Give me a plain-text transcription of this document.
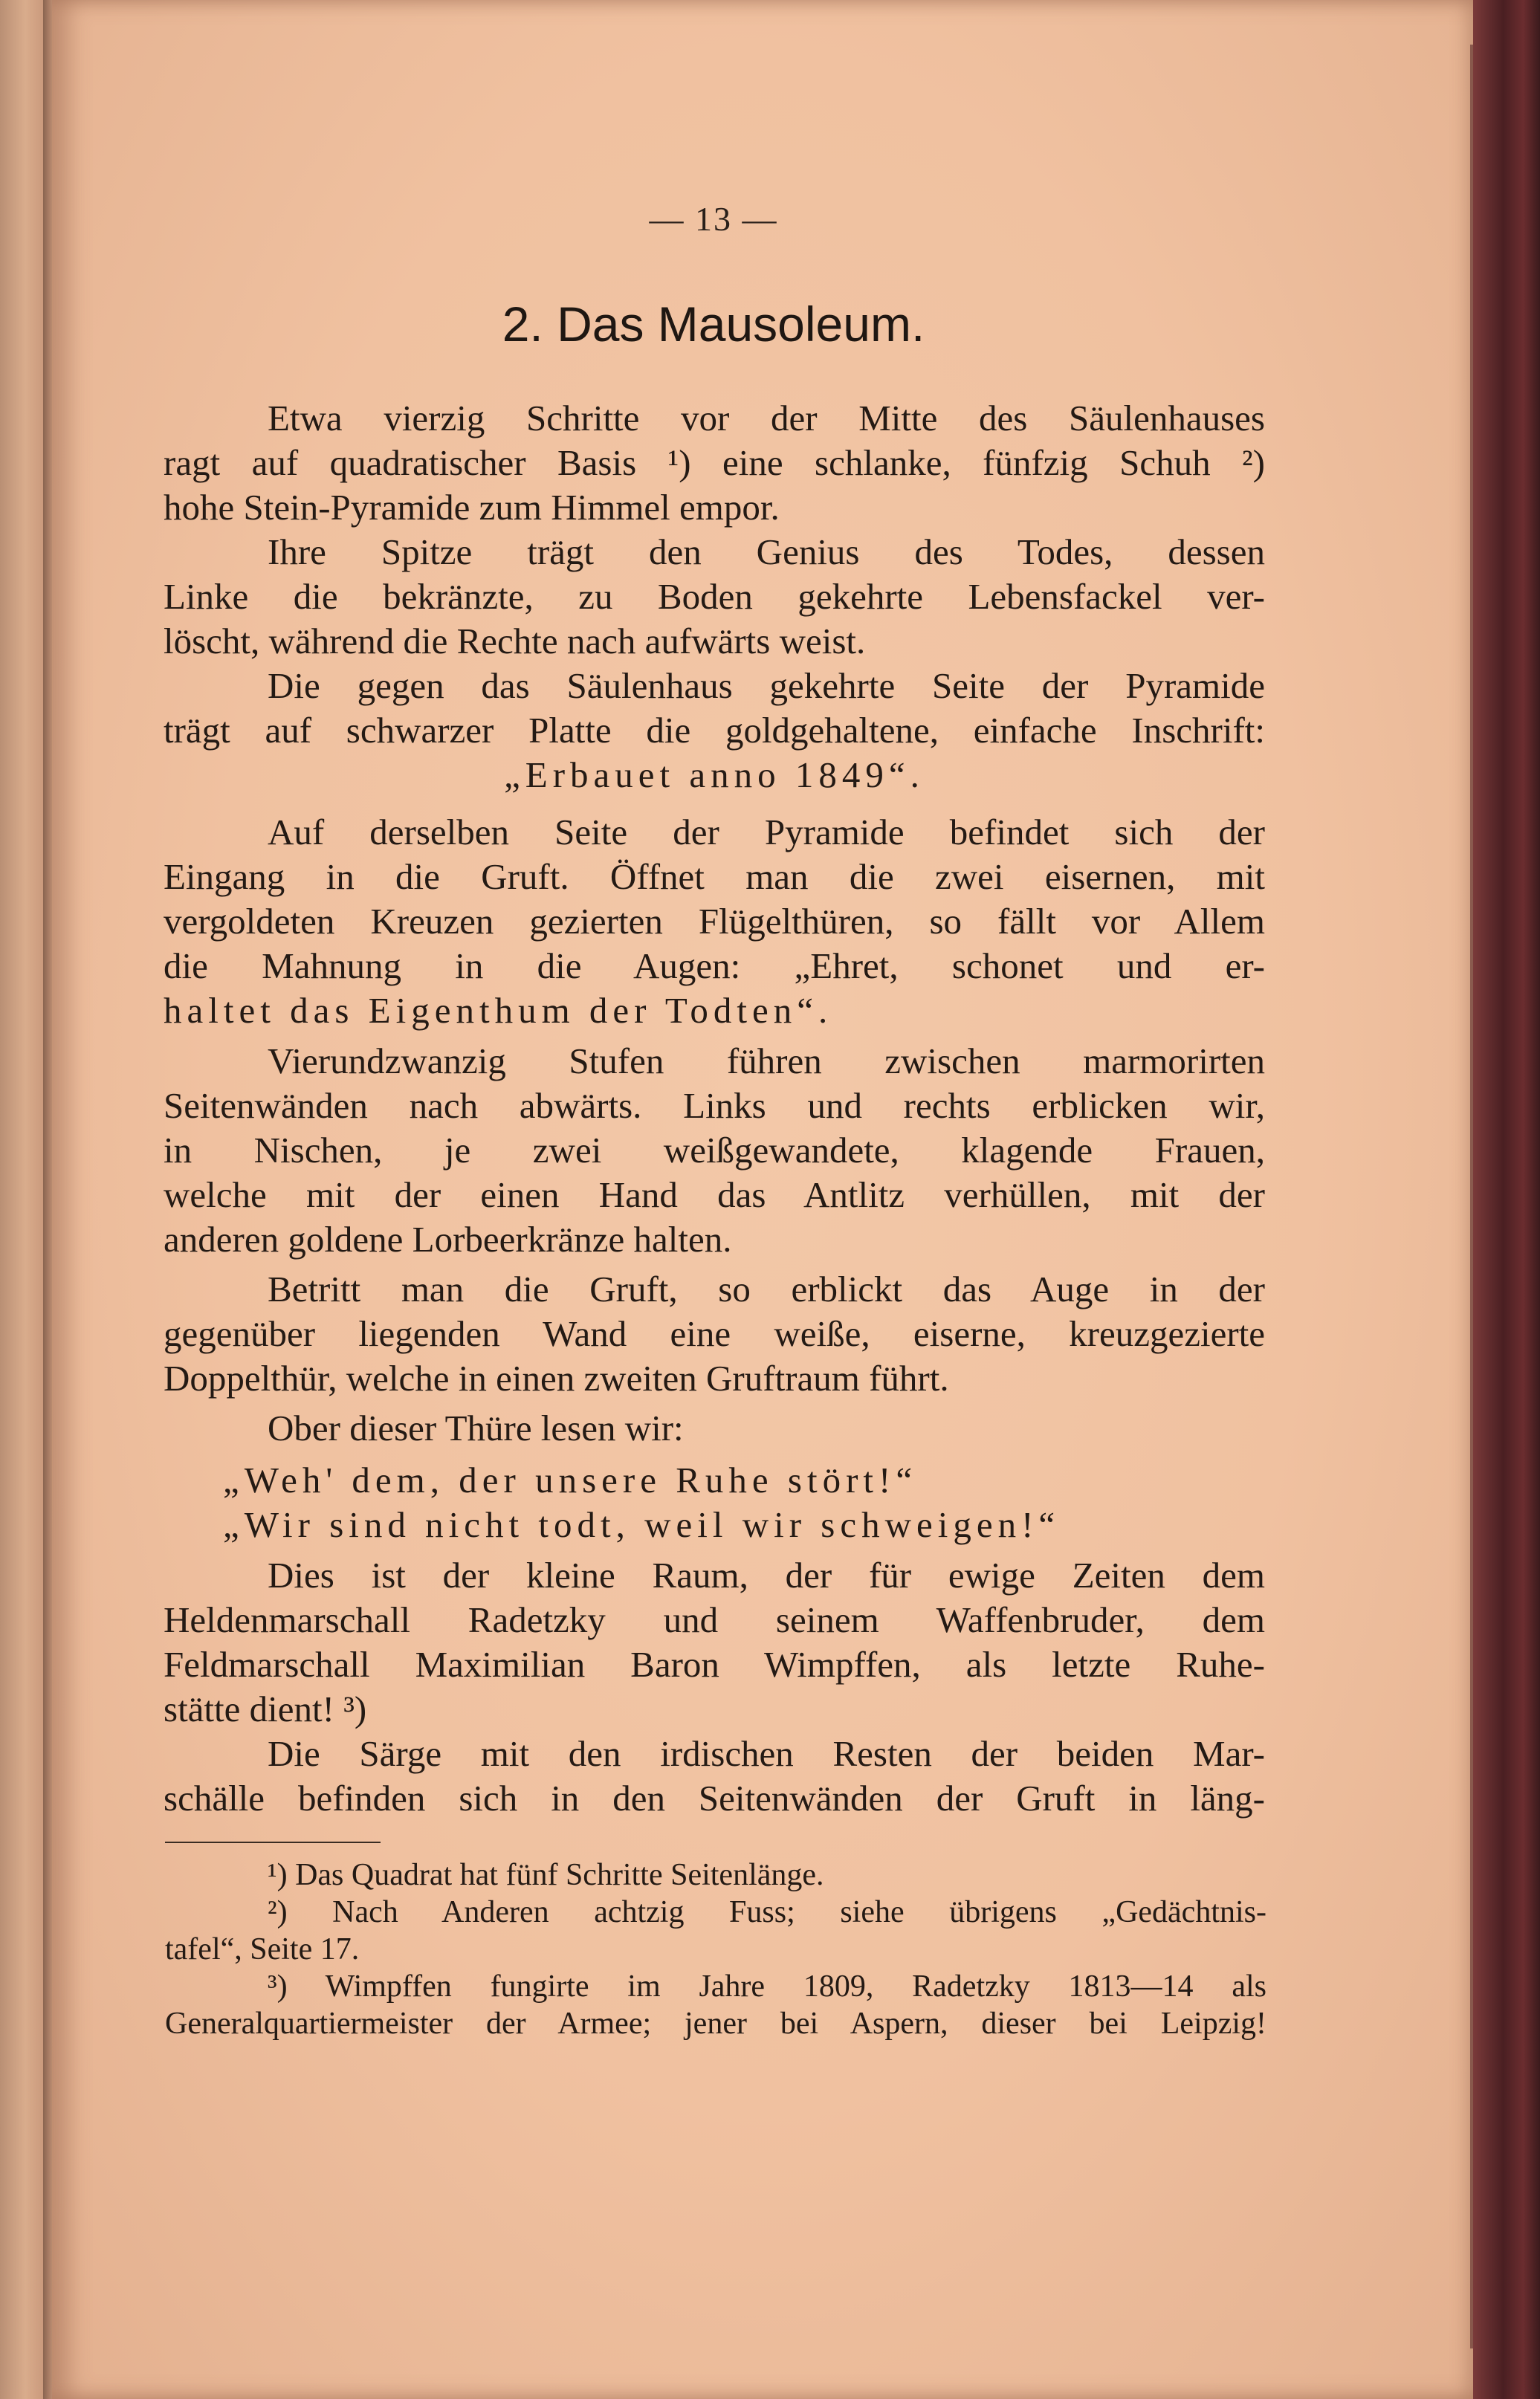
— 13 —
2. Das Mausoleum.
Etwa vierzig Schritte vor der Mitte des Säulenhauses
ragt auf quadratischer Basis ¹) eine schlanke, fünfzig Schuh ²)
hohe Stein-Pyramide zum Himmel empor.
Ihre Spitze trägt den Genius des Todes, dessen
Linke die bekränzte, zu Boden gekehrte Lebensfackel ver-
löscht, während die Rechte nach aufwärts weist.
Die gegen das Säulenhaus gekehrte Seite der Pyramide
trägt auf schwarzer Platte die goldgehaltene, einfache Inschrift:
„Erbauet anno 1849“.
Auf derselben Seite der Pyramide befindet sich der
Eingang in die Gruft. Öffnet man die zwei eisernen, mit
vergoldeten Kreuzen gezierten Flügelthüren, so fällt vor Allem
die Mahnung in die Augen: „Ehret, schonet und er-
haltet das Eigenthum der Todten“.
Vierundzwanzig Stufen führen zwischen marmorirten
Seitenwänden nach abwärts. Links und rechts erblicken wir,
in Nischen, je zwei weißgewandete, klagende Frauen,
welche mit der einen Hand das Antlitz verhüllen, mit der
anderen goldene Lorbeerkränze halten.
Betritt man die Gruft, so erblickt das Auge in der
gegenüber liegenden Wand eine weiße, eiserne, kreuzgezierte
Doppelthür, welche in einen zweiten Gruftraum führt.
Ober dieser Thüre lesen wir:
„Weh' dem, der unsere Ruhe stört!“
„Wir sind nicht todt, weil wir schweigen!“
Dies ist der kleine Raum, der für ewige Zeiten dem
Heldenmarschall Radetzky und seinem Waffenbruder, dem
Feldmarschall Maximilian Baron Wimpffen, als letzte Ruhe-
stätte dient! ³)
Die Särge mit den irdischen Resten der beiden Mar-
schälle befinden sich in den Seitenwänden der Gruft in läng-
¹) Das Quadrat hat fünf Schritte Seitenlänge.
²) Nach Anderen achtzig Fuss; siehe übrigens „Gedächtnis-
tafel“, Seite 17.
³) Wimpffen fungirte im Jahre 1809, Radetzky 1813—14 als
Generalquartiermeister der Armee; jener bei Aspern, dieser bei Leipzig!
